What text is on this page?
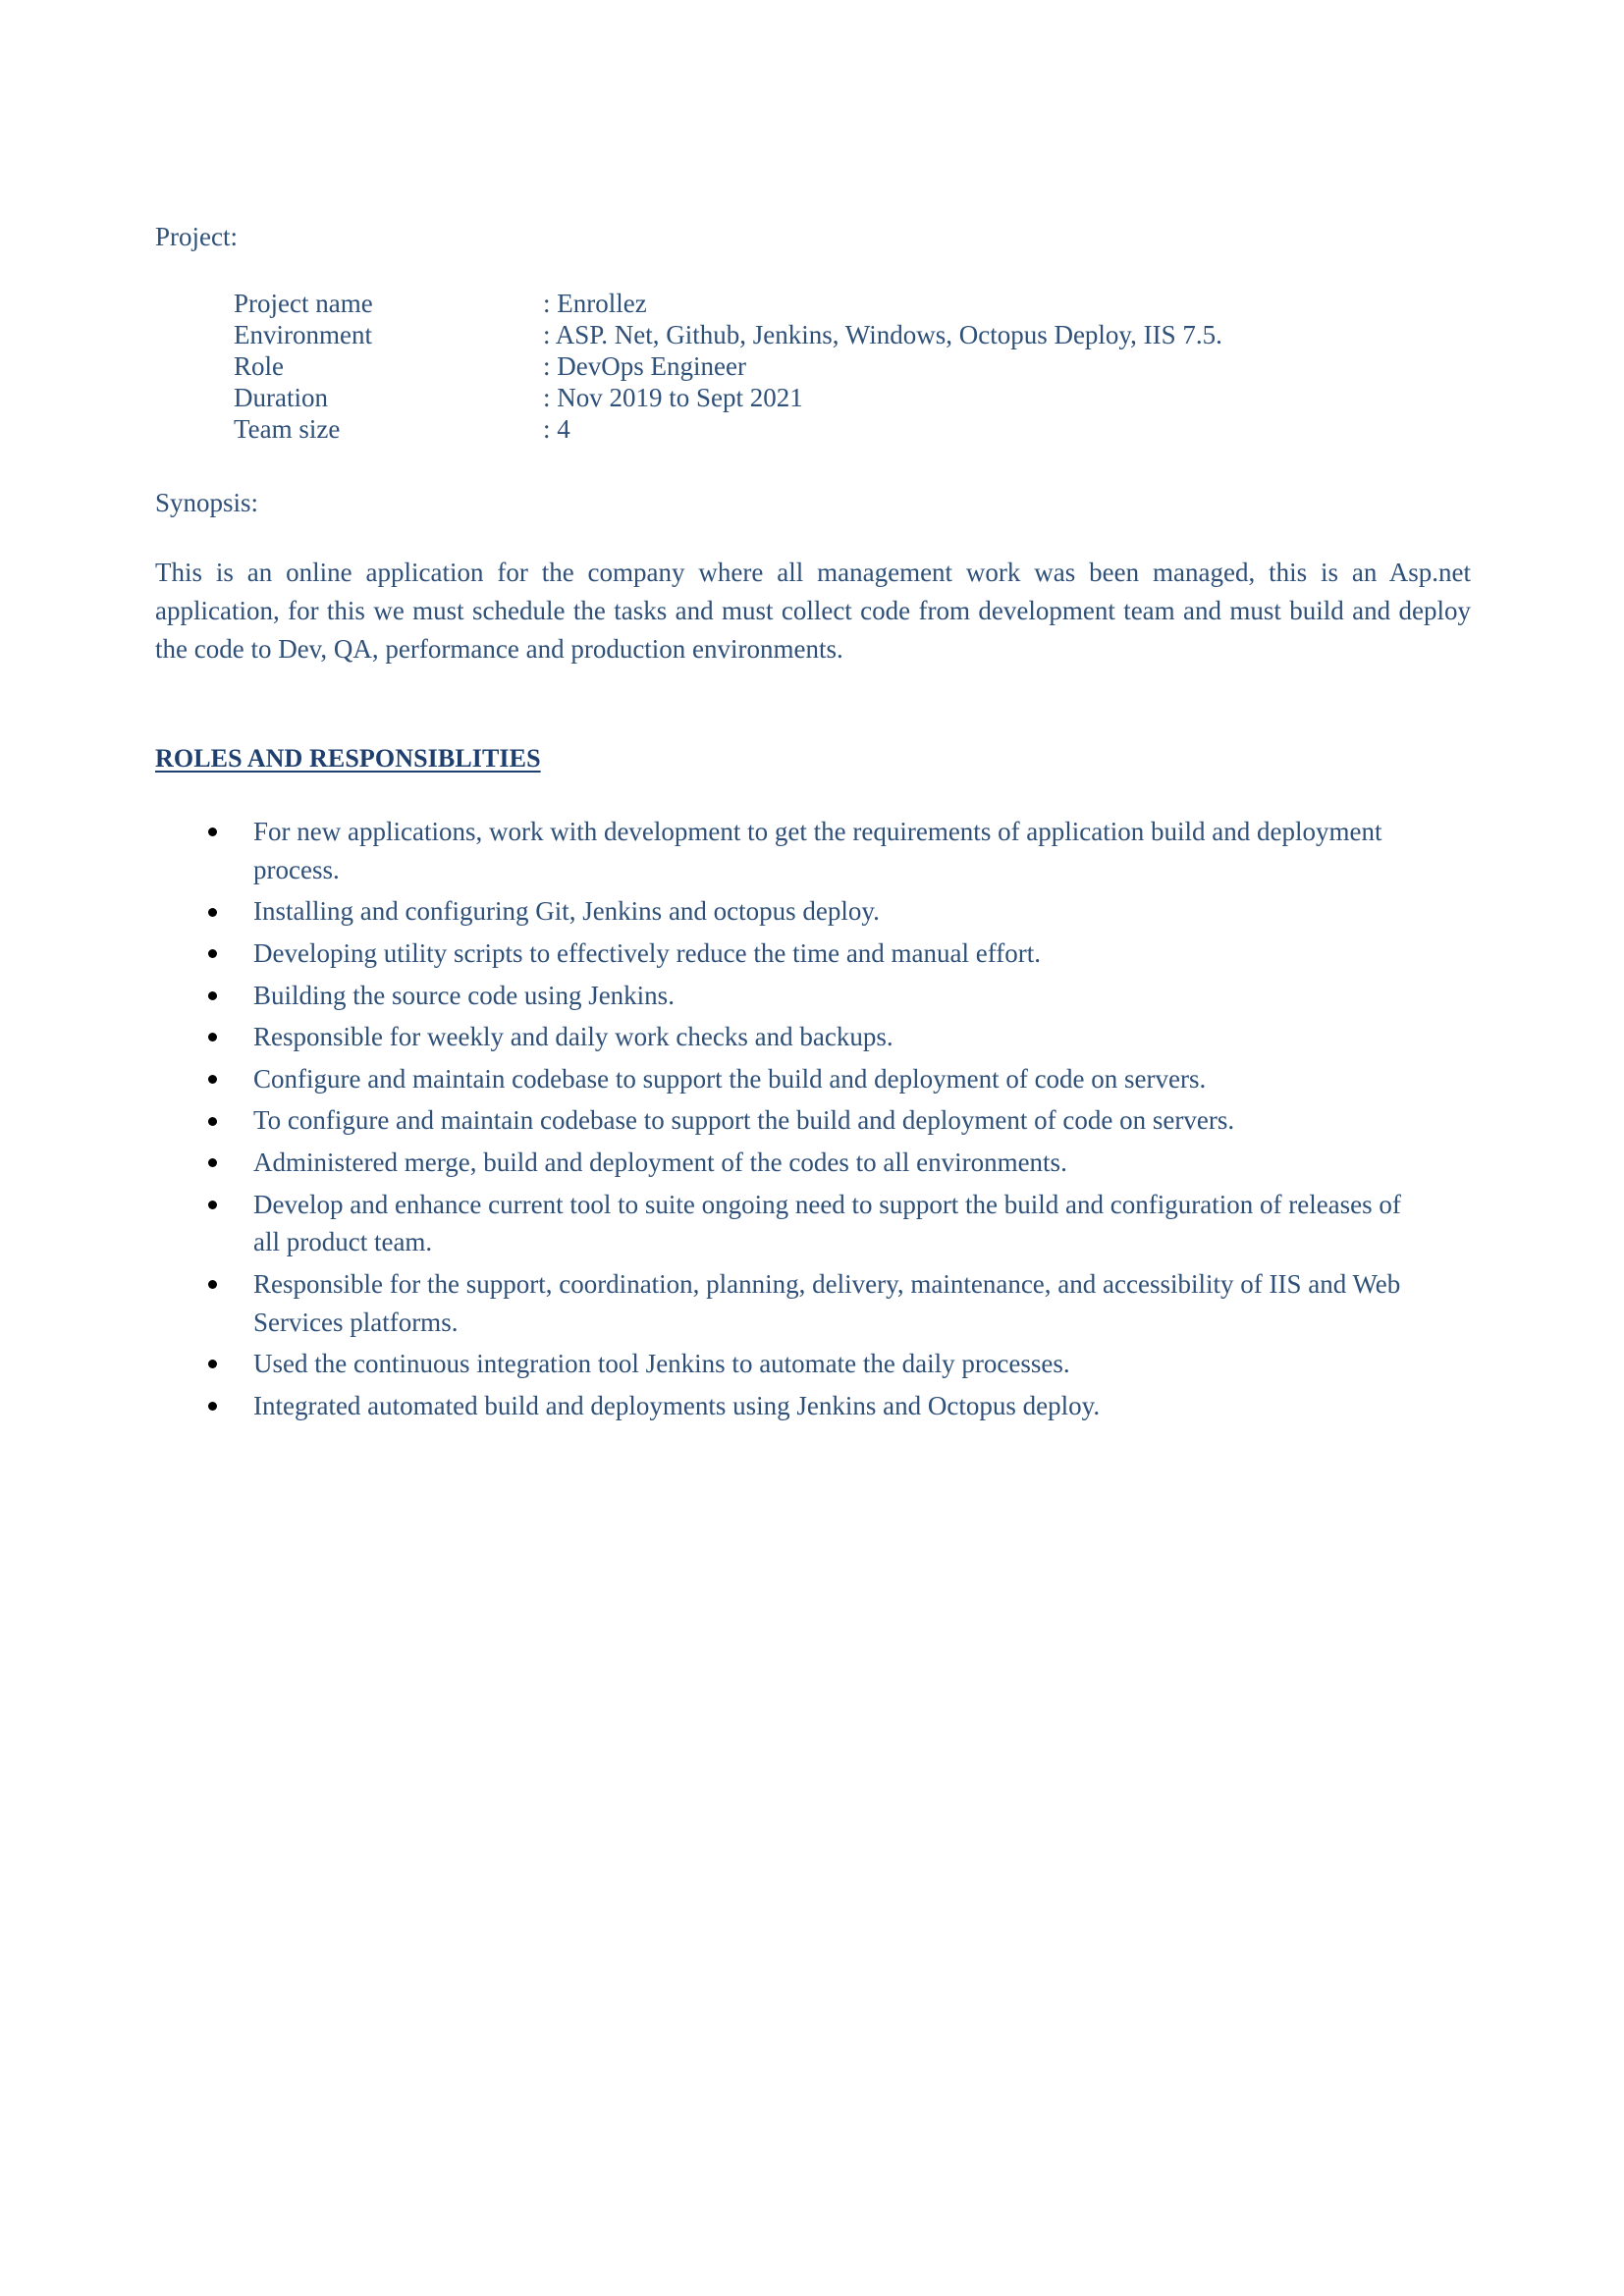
Project:
Project name	: Enrollez
Environment	: ASP. Net, Github, Jenkins, Windows, Octopus Deploy, IIS 7.5.
Role	: DevOps Engineer
Duration	: Nov 2019 to Sept 2021
Team size	: 4
Synopsis:
This is an online application for the company where all management work was been managed, this is an Asp.net application, for this we must schedule the tasks and must collect code from development team and must build and deploy the code to Dev, QA, performance and production environments.
ROLES AND RESPONSIBLITIES
For new applications, work with development to get the requirements of application build and deployment process.
Installing and configuring Git, Jenkins and octopus deploy.
Developing utility scripts to effectively reduce the time and manual effort.
Building the source code using Jenkins.
Responsible for weekly and daily work checks and backups.
Configure and maintain codebase to support the build and deployment of code on servers.
To configure and maintain codebase to support the build and deployment of code on servers.
Administered merge, build and deployment of the codes to all environments.
Develop and enhance current tool to suite ongoing need to support the build and configuration of releases of all product team.
Responsible for the support, coordination, planning, delivery, maintenance, and accessibility of IIS and Web Services platforms.
Used the continuous integration tool Jenkins to automate the daily processes.
Integrated automated build and deployments using Jenkins and Octopus deploy.
